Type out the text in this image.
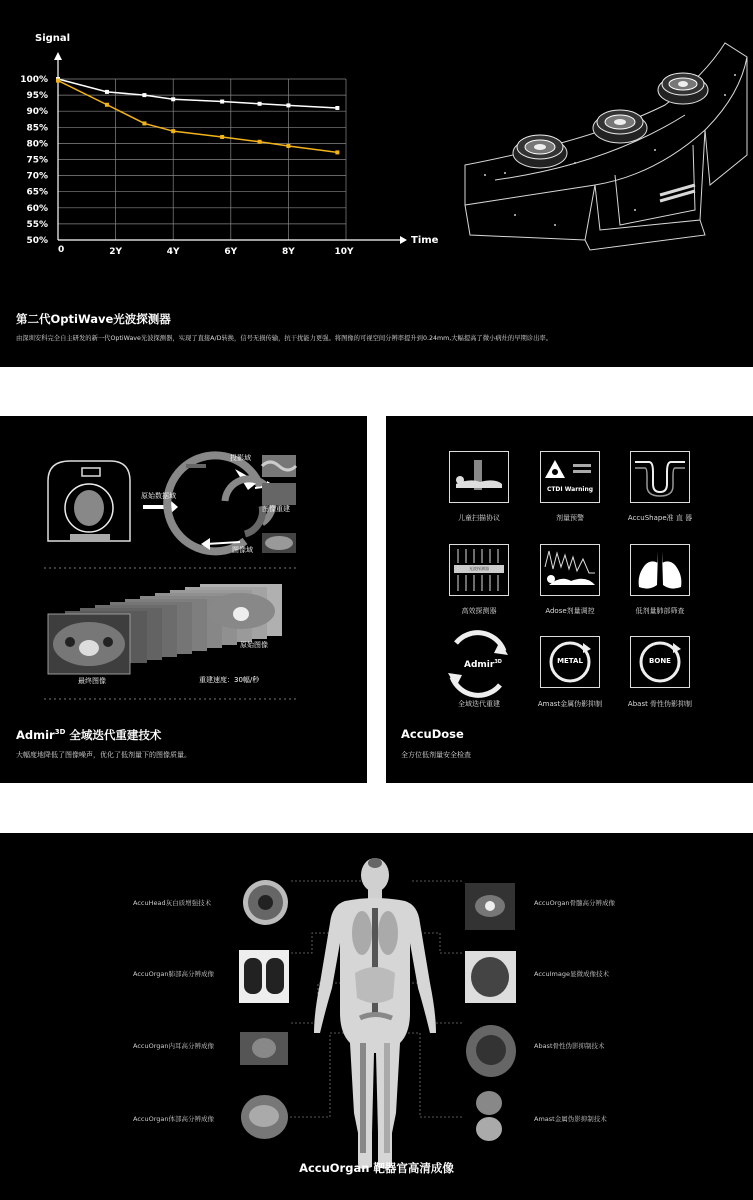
100%
95%
90%
85%
80%
75%
70%
65%
60%
55%
50%
0	2Y	4Y	6Y	8Y	10Y
Signal
Time
第二代OptiWave光波探测器
由深圳安科完全自主研发的新一代OptiWave光波探测器，实现了直接A/D转换，信号无损传输，抗干扰能力更强。将图像的可视空间分辨率提升到0.24mm,大幅提高了微小病灶的早期诊出率。
投影域
原始数据域
图像重建
图像域
原始图像
最终图像	重建速度：30幅/秒
Admir$^{3D}$ 全域迭代重建技术
大幅度地降低了图像噪声，优化了低剂量下的图像质量。
CTDI Warning
儿童扫描协议	剂量预警	AccuShape准 直 器
光波探测器
高效探测器	Adose剂量调控	低剂量肺部筛查
Admir$^{3D}$	METAL	BONE
全域迭代重建	Amast金属伪影抑制	Abast 骨性伪影抑制
AccuDose
全方位低剂量安全检查
AccuHead灰白质增强技术
AccuOrgan肺部高分辨成像
AccuOrgan内耳高分辨成像
AccuOrgan体部高分辨成像
AccuOrgan骨髓高分辨成像
AccuImage显微成像技术
Abast骨性伪影抑制技术
Amast金属伪影抑制技术
AccuOrgan 靶器官高清成像
